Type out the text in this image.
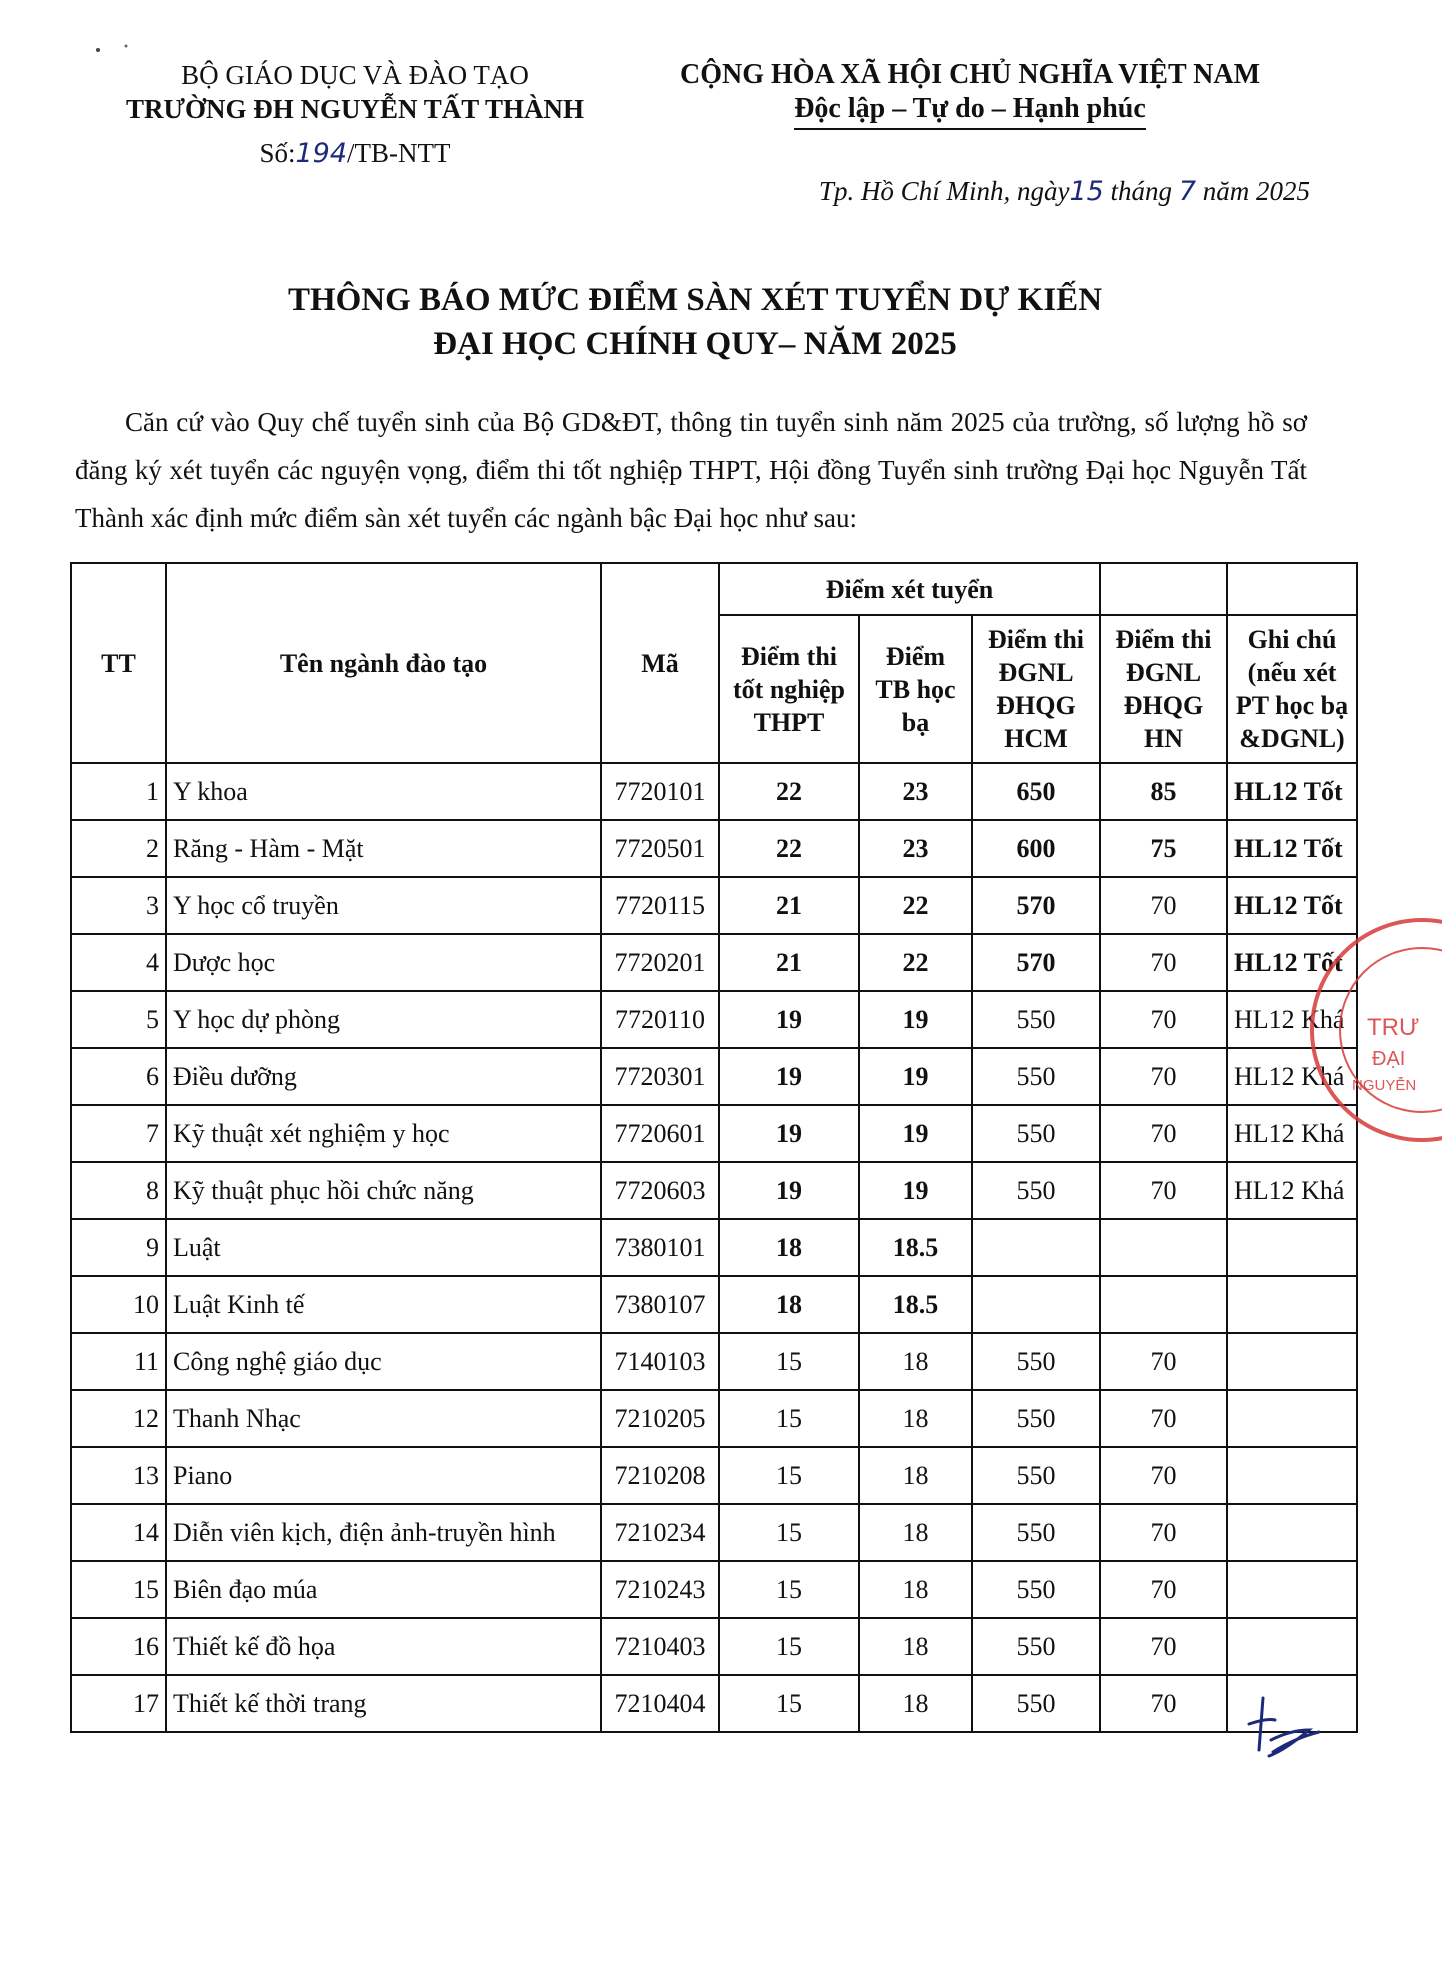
BỘ GIÁO DỤC VÀ ĐÀO TẠO
TRƯỜNG ĐH NGUYỄN TẤT THÀNH
Số:194/TB-NTT
CỘNG HÒA XÃ HỘI CHỦ NGHĨA VIỆT NAM
Độc lập – Tự do – Hạnh phúc
Tp. Hồ Chí Minh, ngày15 tháng 7 năm 2025
THÔNG BÁO MỨC ĐIỂM SÀN XÉT TUYỂN DỰ KIẾN
ĐẠI HỌC CHÍNH QUY– NĂM 2025
Căn cứ vào Quy chế tuyển sinh của Bộ GD&ĐT, thông tin tuyển sinh năm 2025 của trường, số lượng hồ sơ đăng ký xét tuyển các nguyện vọng, điểm thi tốt nghiệp THPT, Hội đồng Tuyển sinh trường Đại học Nguyễn Tất Thành xác định mức điểm sàn xét tuyển các ngành bậc Đại học như sau:
TT	Tên ngành đào tạo	Mã	Điểm xét tuyển				
			Điểm thi tốt nghiệp THPT	Điểm TB học bạ	Điểm thi ĐGNL ĐHQG HCM	Điểm thi ĐGNL ĐHQG HN	Ghi chú (nếu xét PT học bạ &DGNL)
1	Y khoa	7720101	22	23	650	85	HL12 Tốt
2	Răng - Hàm - Mặt	7720501	22	23	600	75	HL12 Tốt
3	Y học cổ truyền	7720115	21	22	570	70	HL12 Tốt
4	Dược học	7720201	21	22	570	70	HL12 Tốt
5	Y học dự phòng	7720110	19	19	550	70	HL12 Khá
6	Điều dưỡng	7720301	19	19	550	70	HL12 Khá
7	Kỹ thuật xét nghiệm y học	7720601	19	19	550	70	HL12 Khá
8	Kỹ thuật phục hồi chức năng	7720603	19	19	550	70	HL12 Khá
9	Luật	7380101	18	18.5			
10	Luật Kinh tế	7380107	18	18.5			
11	Công nghệ giáo dục	7140103	15	18	550	70	
12	Thanh Nhạc	7210205	15	18	550	70	
13	Piano	7210208	15	18	550	70	
14	Diễn viên kịch, điện ảnh-truyền hình	7210234	15	18	550	70	
15	Biên đạo múa	7210243	15	18	550	70	
16	Thiết kế đồ họa	7210403	15	18	550	70	
17	Thiết kế thời trang	7210404	15	18	550	70	
TRƯ
ĐẠI
NGUYỄN
